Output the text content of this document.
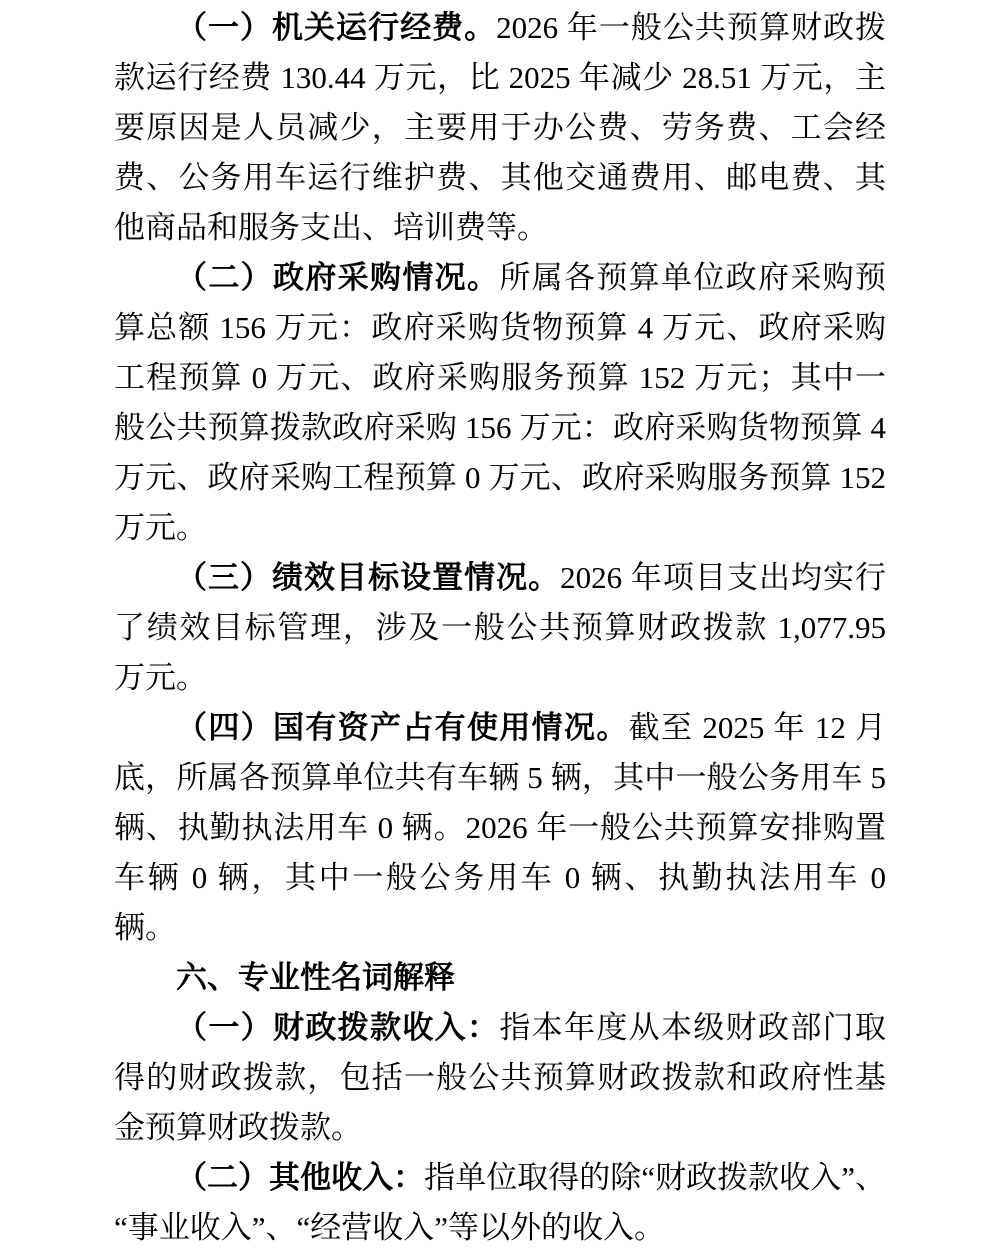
（一）机关运行经费。2026 年一般公共预算财政拨款运行经费 130.44 万元，比 2025 年减少 28.51 万元，主要原因是人员减少，主要用于办公费、劳务费、工会经费、公务用车运行维护费、其他交通费用、邮电费、其他商品和服务支出、培训费等。

（二）政府采购情况。所属各预算单位政府采购预算总额 156 万元：政府采购货物预算 4 万元、政府采购工程预算 0 万元、政府采购服务预算 152 万元；其中一般公共预算拨款政府采购 156 万元：政府采购货物预算 4 万元、政府采购工程预算 0 万元、政府采购服务预算 152 万元。

（三）绩效目标设置情况。2026 年项目支出均实行了绩效目标管理，涉及一般公共预算财政拨款 1,077.95 万元。

（四）国有资产占有使用情况。截至 2025 年 12 月底，所属各预算单位共有车辆 5 辆，其中一般公务用车 5 辆、执勤执法用车 0 辆。2026 年一般公共预算安排购置车辆 0 辆，其中一般公务用车 0 辆、执勤执法用车 0 辆。

六、专业性名词解释

（一）财政拨款收入：指本年度从本级财政部门取得的财政拨款，包括一般公共预算财政拨款和政府性基金预算财政拨款。

（二）其他收入：指单位取得的除“财政拨款收入”、“事业收入”、“经营收入”等以外的收入。
